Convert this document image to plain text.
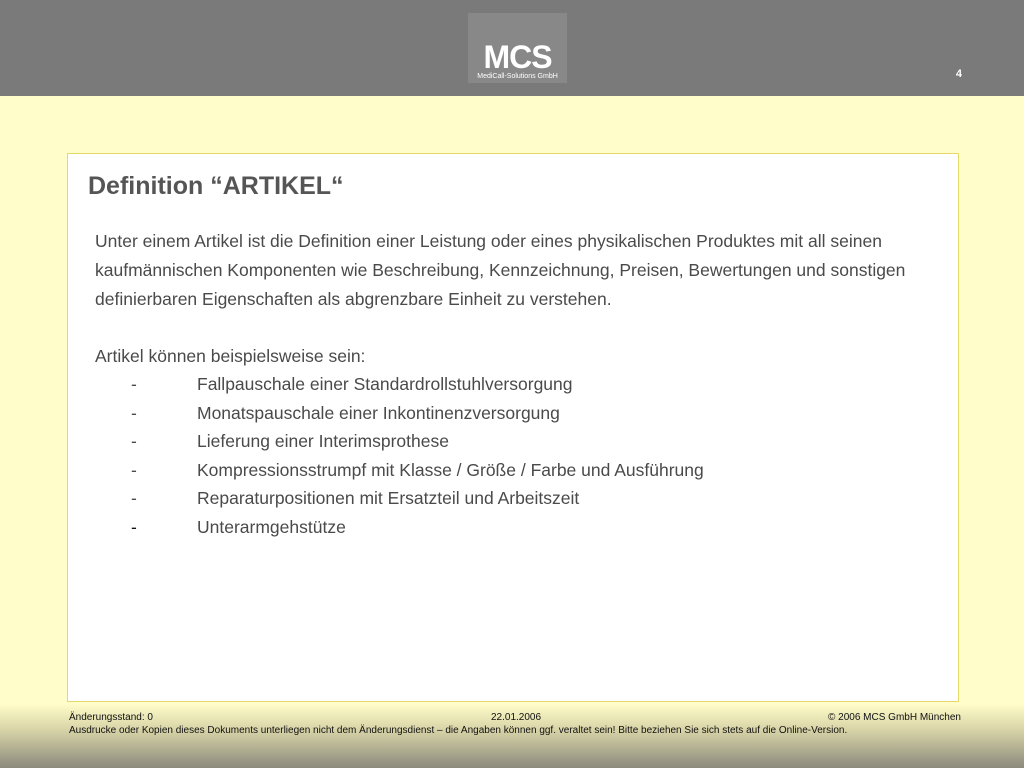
MCS
MediCall-Solutions GmbH	4
Definition “ARTIKEL“

Unter einem Artikel ist die Definition einer Leistung oder eines physikalischen Produktes mit all seinen kaufmännischen Komponenten wie Beschreibung, Kennzeichnung, Preisen, Bewertungen und sonstigen definierbaren Eigenschaften als abgrenzbare Einheit zu verstehen.

Artikel können beispielsweise sein:

-	Fallpauschale einer Standardrollstuhlversorgung
-	Monatspauschale einer Inkontinenzversorgung
-	Lieferung einer Interimsprothese
-	Kompressionsstrumpf mit Klasse / Größe / Farbe und Ausführung
-	Reparaturpositionen mit Ersatzteil und Arbeitszeit
-	Unterarmgehstütze
Änderungsstand: 0	22.01.2006	© 2006 MCS GmbH München
Ausdrucke oder Kopien dieses Dokuments unterliegen nicht dem Änderungsdienst – die Angaben können ggf. veraltet sein! Bitte beziehen Sie sich stets auf die Online-Version.
